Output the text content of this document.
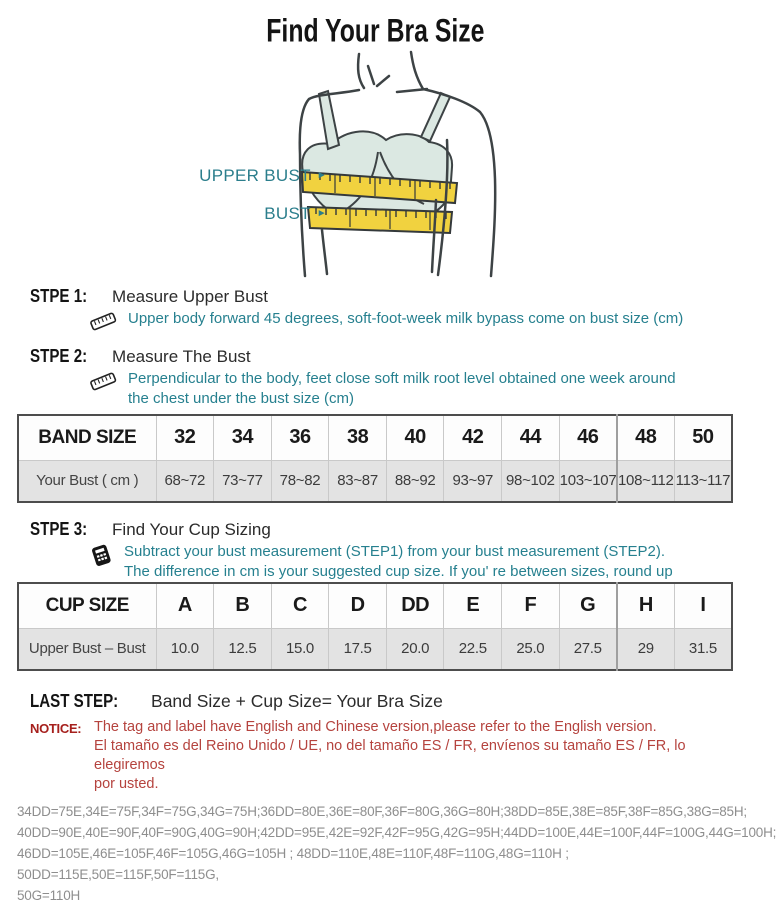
Find Your Bra Size
UPPER BUST ►
BUST ►
STPE 1: Measure Upper Bust
Upper body forward 45 degrees, soft-foot-week milk bypass come on bust size (cm)
STPE 2: Measure The Bust
Perpendicular to the body, feet close soft milk root level obtained one week around
the chest under the bust size (cm)
BAND SIZE	32	34	36	38	40	42	44	46	48	50
Your Bust ( cm )	68~72	73~77	78~82	83~87	88~92	93~97	98~102	103~107	108~112	113~117
STPE 3: Find Your Cup Sizing
Subtract your bust measurement (STEP1) from your bust measurement (STEP2).
The difference in cm is your suggested cup size. If you' re between sizes, round up
CUP SIZE	A	B	C	D	DD	E	F	G	H	I
Upper Bust – Bust	10.0	12.5	15.0	17.5	20.0	22.5	25.0	27.5	29	31.5
LAST STEP: Band Size + Cup Size= Your Bra Size
NOTICE: The tag and label have English and Chinese version,please refer to the English version.
El tamaño es del Reino Unido / UE, no del tamaño ES / FR, envíenos su tamaño ES / FR, lo elegiremos
por usted.
34DD=75E,34E=75F,34F=75G,34G=75H;36DD=80E,36E=80F,36F=80G,36G=80H;38DD=85E,38E=85F,38F=85G,38G=85H;
40DD=90E,40E=90F,40F=90G,40G=90H;42DD=95E,42E=92F,42F=95G,42G=95H;44DD=100E,44E=100F,44F=100G,44G=100H;
46DD=105E,46E=105F,46F=105G,46G=105H ; 48DD=110E,48E=110F,48F=110G,48G=110H ; 50DD=115E,50E=115F,50F=115G,
50G=110H
